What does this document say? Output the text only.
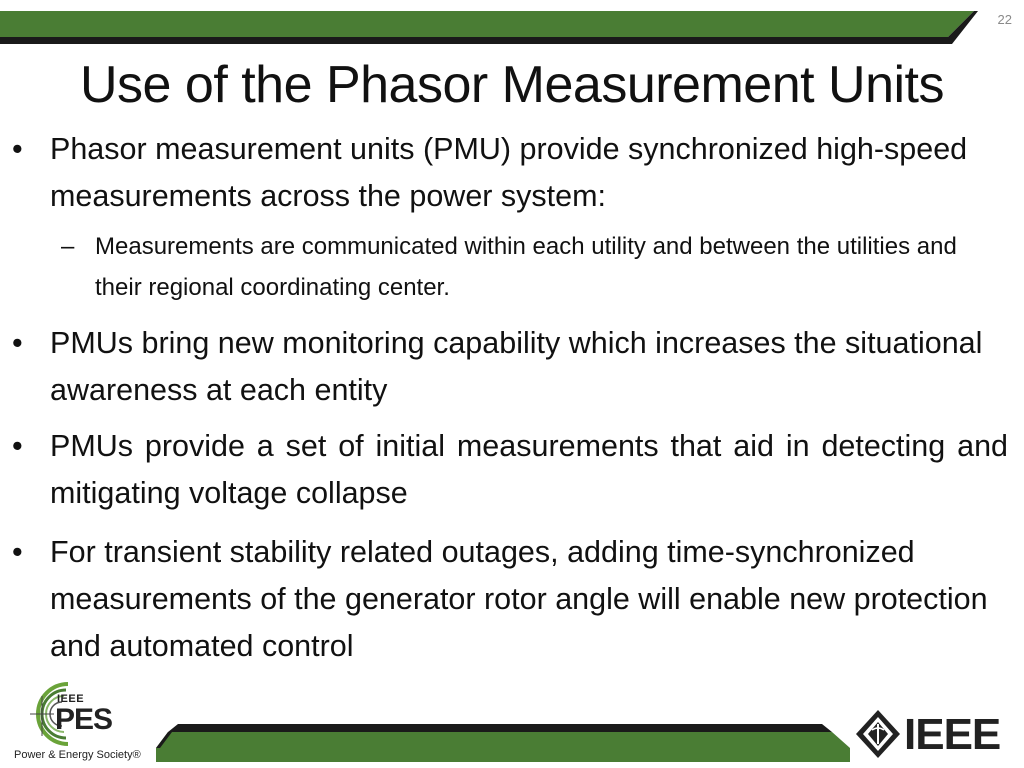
22
Use of the Phasor Measurement Units
• Phasor measurement units (PMU) provide synchronized high-speed measurements across the power system:
– Measurements are communicated within each utility and between the utilities and their regional coordinating center.
• PMUs bring new monitoring capability which increases the situational awareness at each entity
• PMUs provide a set of initial measurements that aid in detecting and mitigating voltage collapse
• For transient stability related outages, adding time-synchronized measurements of the generator rotor angle will enable new protection and automated control
IEEE
PES
Power & Energy Society®	IEEE
